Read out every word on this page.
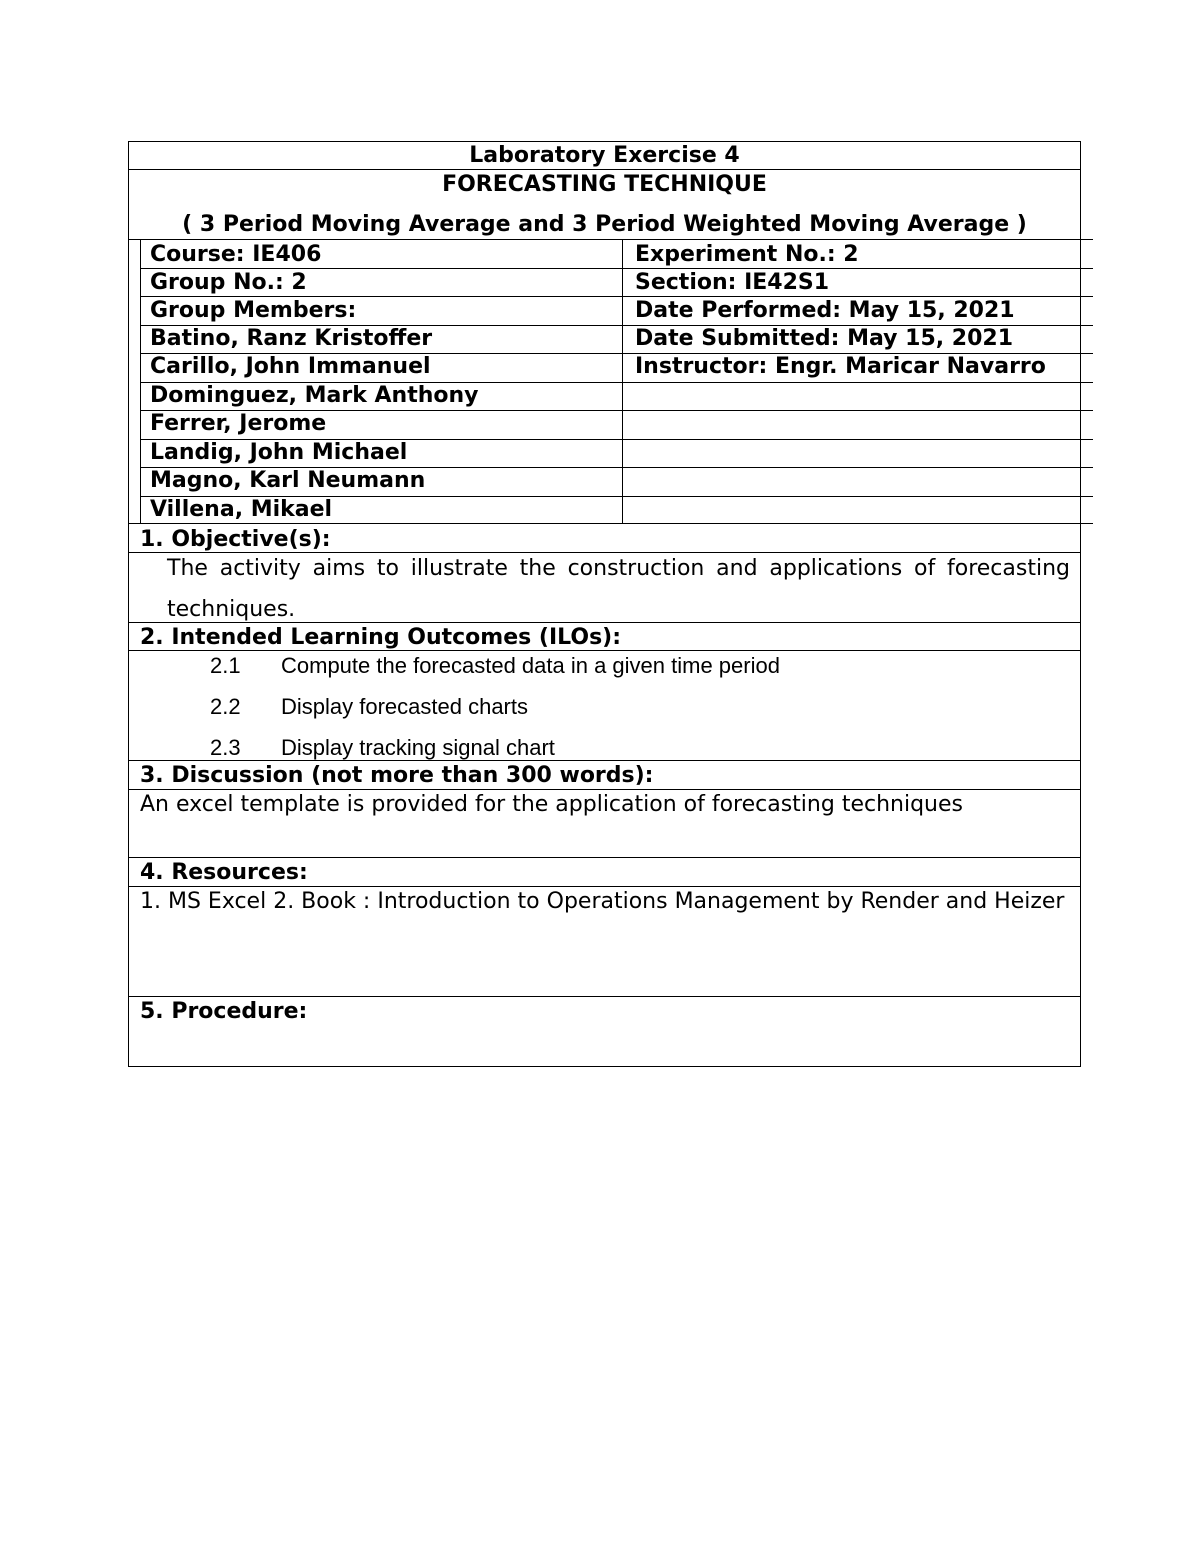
Laboratory Exercise 4
FORECASTING TECHNIQUE
( 3 Period Moving Average and 3 Period Weighted Moving Average )
Course: IE406	Experiment No.: 2
Group No.: 2	Section: IE42S1
Group Members:	Date Performed: May 15, 2021
Batino, Ranz Kristoffer	Date Submitted: May 15, 2021
Carillo, John Immanuel	Instructor: Engr. Maricar Navarro
Dominguez, Mark Anthony
Ferrer, Jerome
Landig, John Michael
Magno, Karl Neumann
Villena, Mikael
1. Objective(s):
The activity aims to illustrate the construction and applications of forecasting techniques.
2. Intended Learning Outcomes (ILOs):
2.1 Compute the forecasted data in a given time period
2.2 Display forecasted charts
2.3 Display tracking signal chart
3. Discussion (not more than 300 words):
An excel template is provided for the application of forecasting techniques
4. Resources:
1. MS Excel 2. Book : Introduction to Operations Management by Render and Heizer
5. Procedure:
